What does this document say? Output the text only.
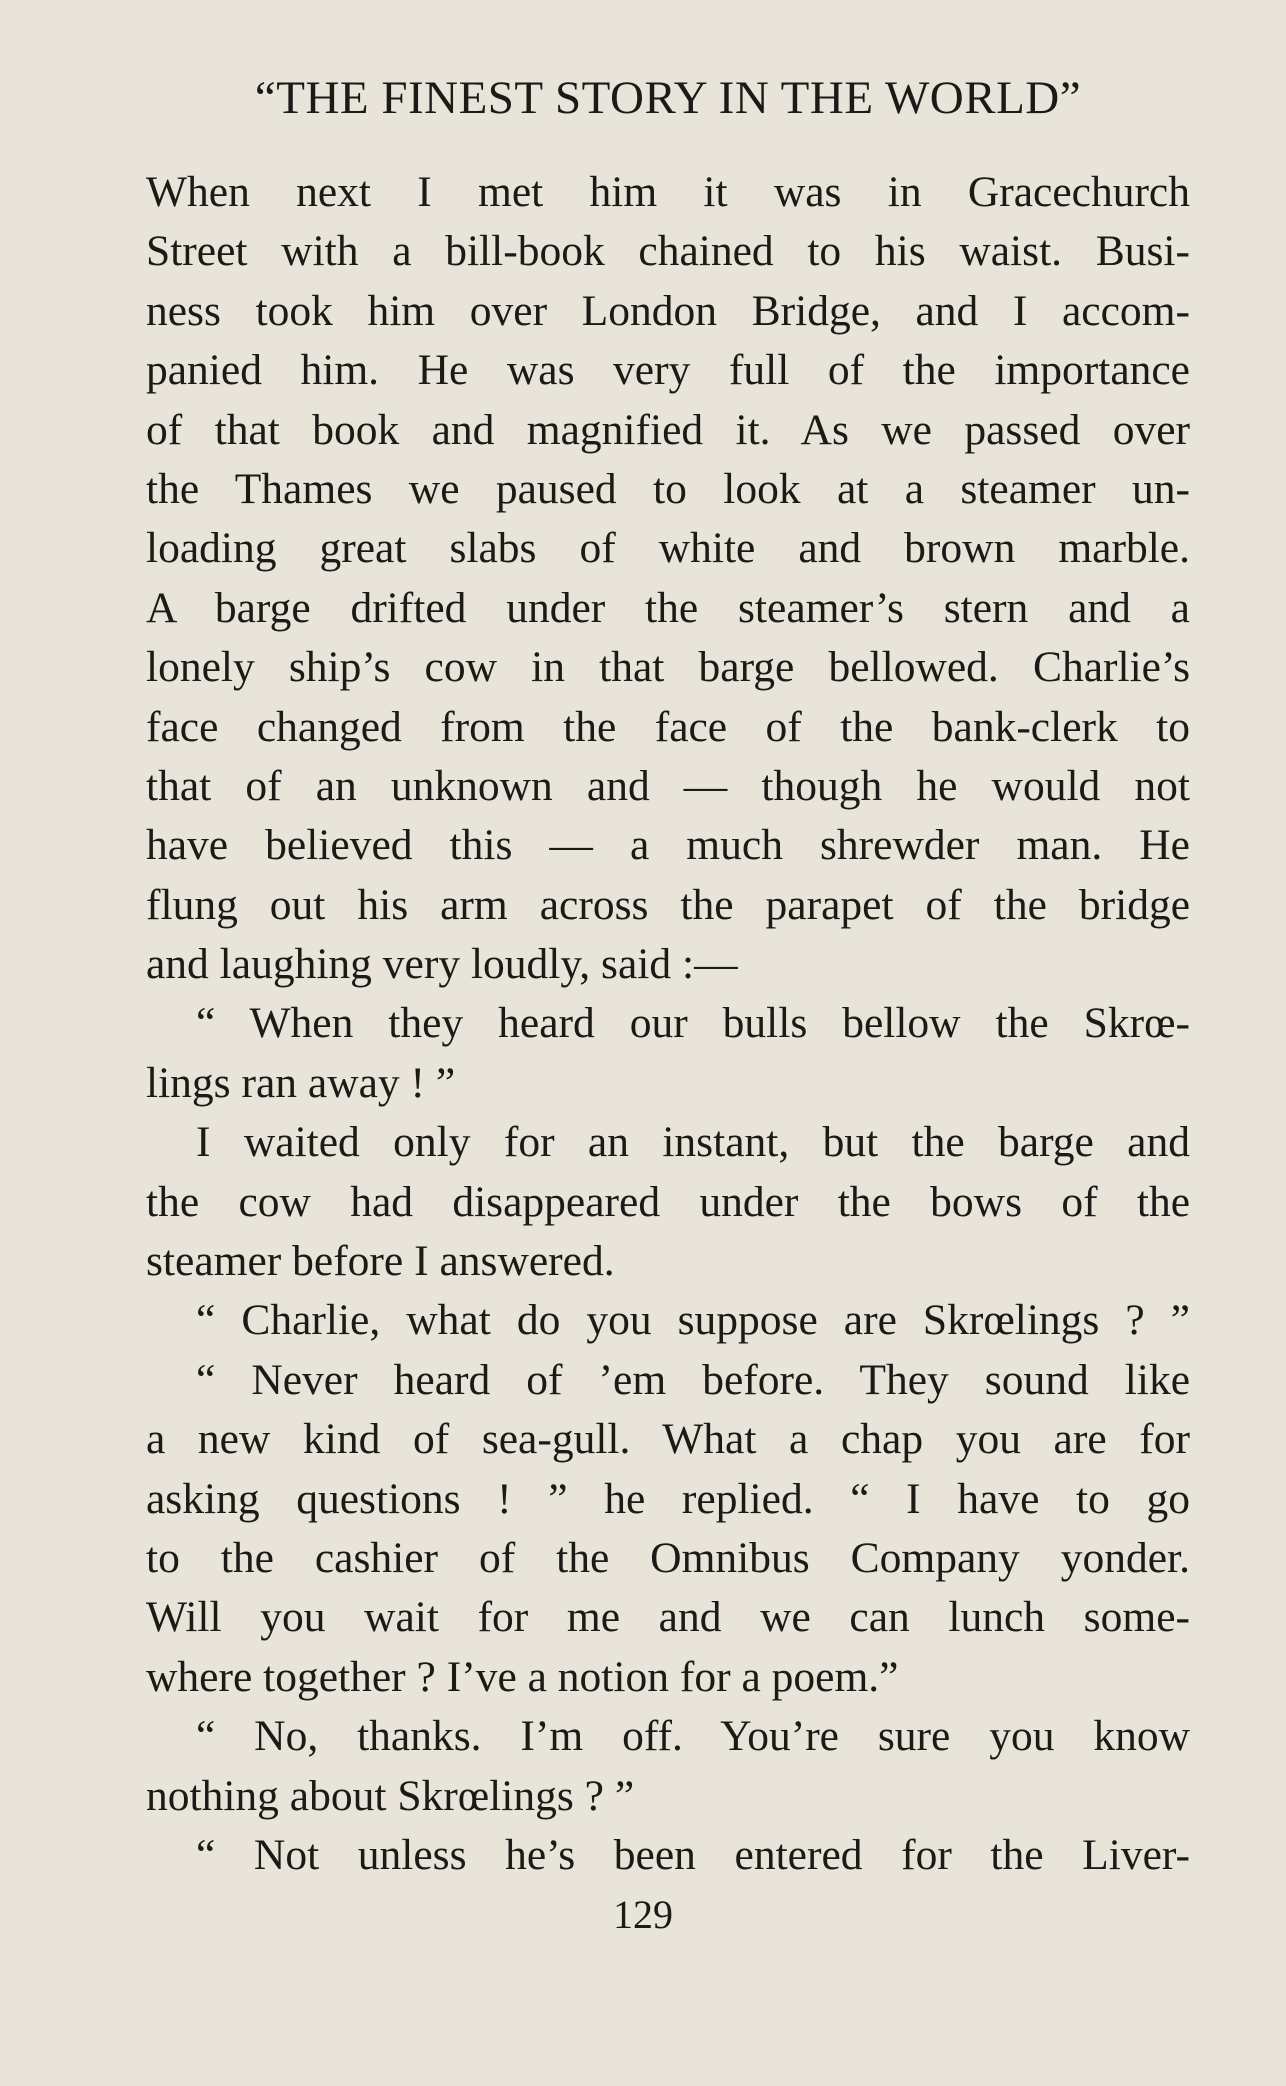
“THE FINEST STORY IN THE WORLD”
When next I met him it was in Gracechurch
Street with a bill-book chained to his waist. Busi-
ness took him over London Bridge, and I accom-
panied him. He was very full of the importance
of that book and magnified it. As we passed over
the Thames we paused to look at a steamer un-
loading great slabs of white and brown marble.
A barge drifted under the steamer’s stern and a
lonely ship’s cow in that barge bellowed. Charlie’s
face changed from the face of the bank-clerk to
that of an unknown and — though he would not
have believed this — a much shrewder man. He
flung out his arm across the parapet of the bridge
and laughing very loudly, said :—
“ When they heard our bulls bellow the Skrœ-
lings ran away ! ”
I waited only for an instant, but the barge and
the cow had disappeared under the bows of the
steamer before I answered.
“ Charlie, what do you suppose are Skrœlings ? ”
“ Never heard of ’em before. They sound like
a new kind of sea-gull. What a chap you are for
asking questions ! ” he replied. “ I have to go
to the cashier of the Omnibus Company yonder.
Will you wait for me and we can lunch some-
where together ? I’ve a notion for a poem.”
“ No, thanks. I’m off. You’re sure you know
nothing about Skrœlings ? ”
“ Not unless he’s been entered for the Liver-
129
